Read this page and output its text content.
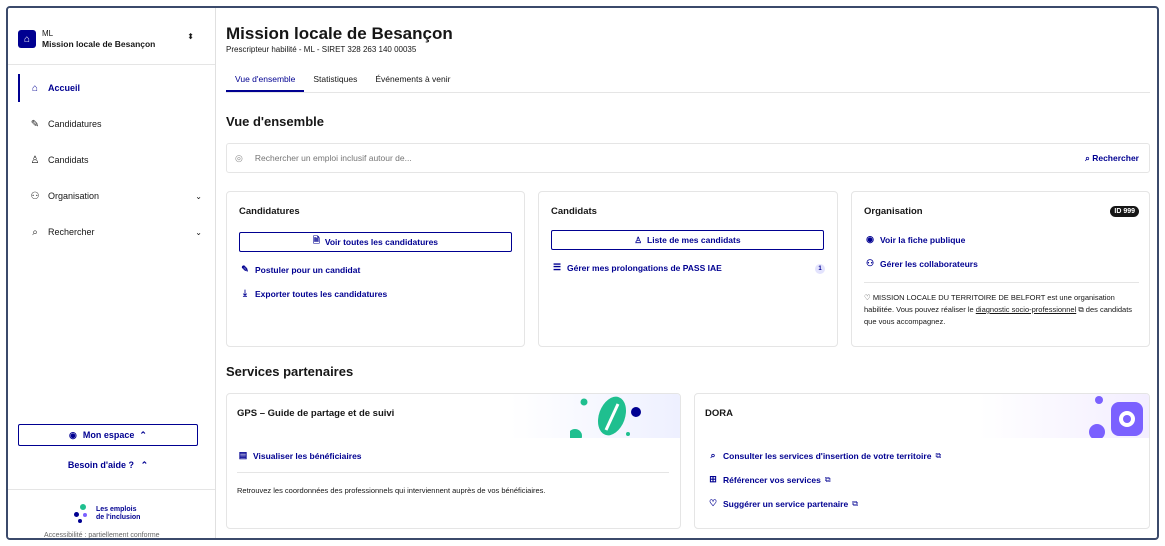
⌂	ML
Mission locale de Besançon
⬍
⌂	Accueil
✎ Candidatures
♙ Candidats
⚇ Organisation	⌄
⌕	Rechercher	⌄
◉ Mon espace ⌃
Besoin d'aide ? ⌃
Les emplois
de l'inclusion
Accessibilité : partiellement conforme
Mission locale de Besançon
Prescripteur habilité - ML - SIRET 328 263 140 00035
Vue d'ensemble	Statistiques	Événements à venir
Vue d'ensemble
◎
Rechercher un emploi inclusif autour de...	⌕ Rechercher
Candidatures
🗎 Voir toutes les candidatures
✎ Postuler pour un candidat
⤓ Exporter toutes les candidatures
Candidats
♙ Liste de mes candidats
☰ Gérer mes prolongations de PASS IAE	1
Organisation	ID 999
◉ Voir la fiche publique
⚇ Gérer les collaborateurs
♡ MISSION LOCALE DU TERRITOIRE DE BELFORT est une organisation habilitée. Vous pouvez réaliser le diagnostic socio-professionnel ⧉ des candidats que vous accompagnez.
Services partenaires
GPS – Guide de partage et de suivi
▤ Visualiser les bénéficiaires
Retrouvez les coordonnées des professionnels qui interviennent auprès de vos bénéficiaires.
DORA
⌕ Consulter les services d'insertion de votre territoire ⧉
⊞ Référencer vos services ⧉
♡ Suggérer un service partenaire ⧉
